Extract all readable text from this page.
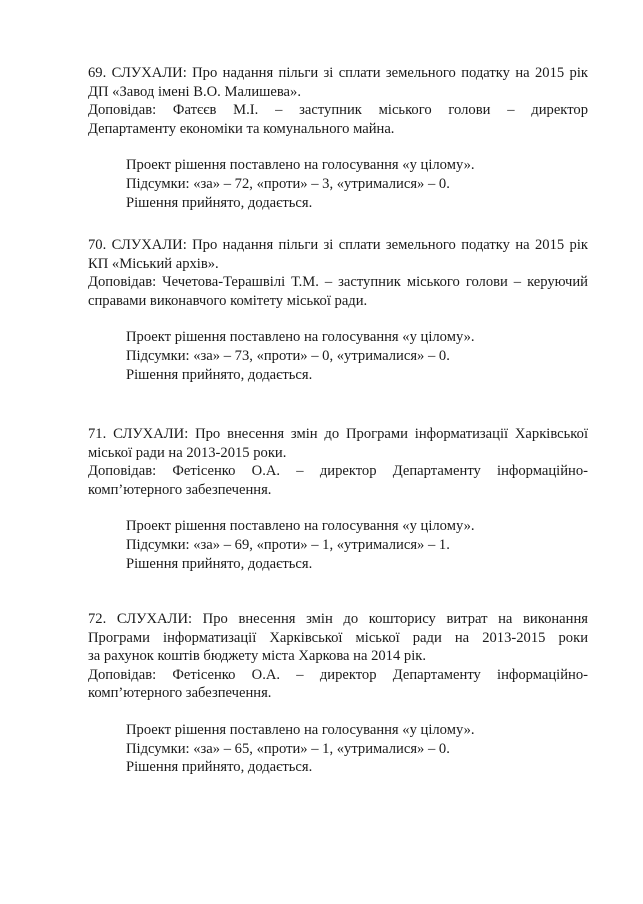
69. СЛУХАЛИ: Про надання пільги зі сплати земельного податку на 2015 рік
ДП «Завод імені В.О. Малишева».
Доповідав: Фатєєв М.І. – заступник міського голови – директор
Департаменту економіки та комунального майна.
Проект рішення поставлено на голосування «у цілому».
Підсумки: «за» – 72, «проти» – 3, «утрималися» – 0.
Рішення прийнято, додається.
70. СЛУХАЛИ: Про надання пільги зі сплати земельного податку на 2015 рік
КП «Міський архів».
Доповідав: Чечетова-Терашвілі Т.М. – заступник міського голови – керуючий
справами виконавчого комітету міської ради.
Проект рішення поставлено на голосування «у цілому».
Підсумки: «за» – 73, «проти» – 0, «утрималися» – 0.
Рішення прийнято, додається.
71. СЛУХАЛИ: Про внесення змін до Програми інформатизації Харківської
міської ради на 2013-2015 роки.
Доповідав: Фетісенко О.А. – директор Департаменту інформаційно-
комп’ютерного забезпечення.
Проект рішення поставлено на голосування «у цілому».
Підсумки: «за» – 69, «проти» – 1, «утрималися» – 1.
Рішення прийнято, додається.
72. СЛУХАЛИ: Про внесення змін до кошторису витрат на виконання
Програми інформатизації Харківської міської ради на 2013-2015 роки
за рахунок коштів бюджету міста Харкова на 2014 рік.
Доповідав: Фетісенко О.А. – директор Департаменту інформаційно-
комп’ютерного забезпечення.
Проект рішення поставлено на голосування «у цілому».
Підсумки: «за» – 65, «проти» – 1, «утрималися» – 0.
Рішення прийнято, додається.
